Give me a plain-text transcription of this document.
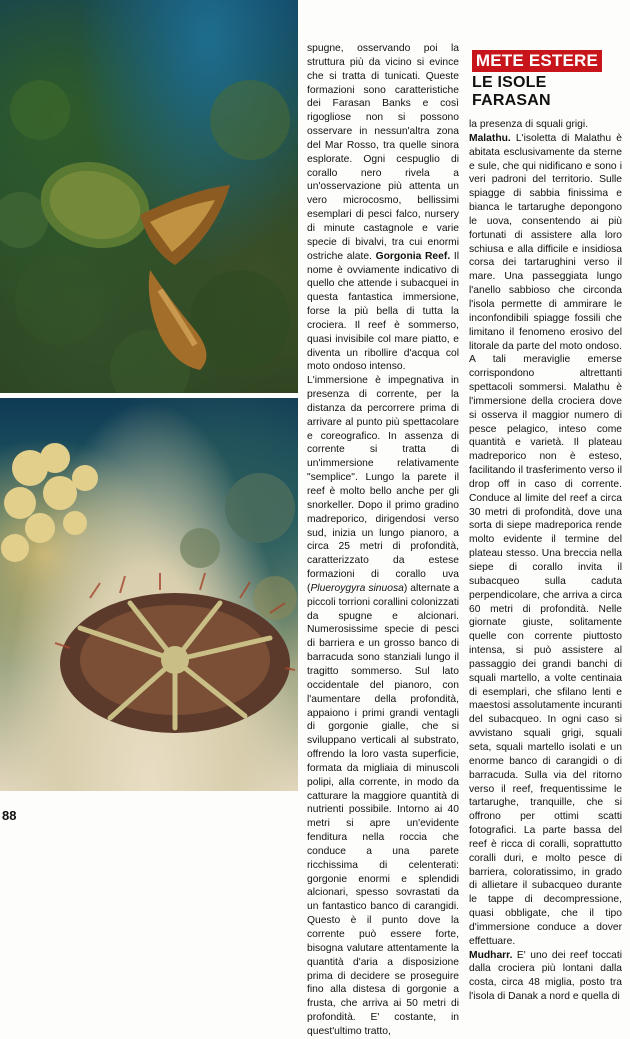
METE ESTERE
LE ISOLE FARASAN

spugne, osservando poi la struttura più da vicino si evince che si tratta di tunicati. Queste formazioni sono caratteristiche dei Farasan Banks e così rigogliose non si possono osservare in nessun'altra zona del Mar Rosso, tra quelle sinora esplorate. Ogni cespuglio di corallo nero rivela a un'osservazione più attenta un vero microcosmo, bellissimi esemplari di pesci falco, nursery di minute castagnole e varie specie di bivalvi, tra cui enormi ostriche alate. Gorgonia Reef. Il nome è ovviamente indicativo di quello che attende i subacquei in questa fantastica immersione, forse la più bella di tutta la crociera. Il reef è sommerso, quasi invisibile col mare piatto, e diventa un ribollire d'acqua col moto ondoso intenso.

L'immersione è impegnativa in presenza di corrente, per la distanza da percorrere prima di arrivare al punto più spettacolare e coreografico. In assenza di corrente si tratta di un'immersione relativamente "semplice". Lungo la parete il reef è molto bello anche per gli snorkeller. Dopo il primo gradino madreporico, dirigendosi verso sud, inizia un lungo pianoro, a circa 25 metri di profondità, caratterizzato da estese formazioni di corallo uva (Plueroygyra sinuosa) alternate a piccoli torrioni corallini colonizzati da spugne e alcionari. Numerosissime specie di pesci di barriera e un grosso banco di barracuda sono stanziali lungo il tragitto sommerso. Sul lato occidentale del pianoro, con l'aumentare della profondità, appaiono i primi grandi ventagli di gorgonie gialle, che si sviluppano verticali al substrato, offrendo la loro vasta superficie, formata da migliaia di minuscoli polipi, alla corrente, in modo da catturare la maggiore quantità di nutrienti possibile. Intorno ai 40 metri si apre un'evidente fenditura nella roccia che conduce a una parete ricchissima di celenterati: gorgonie enormi e splendidi alcionari, spesso sovrastati da un fantastico banco di carangidi. Questo è il punto dove la corrente può essere forte, bisogna valutare attentamente la quantità d'aria a disposizione prima di decidere se proseguire fino alla distesa di gorgonie a frusta, che arriva ai 50 metri di profondità. E' costante, in quest'ultimo tratto,

la presenza di squali grigi.

Malathu. L'isoletta di Malathu è abitata esclusivamente da sterne e sule, che qui nidificano e sono i veri padroni del territorio. Sulle spiagge di sabbia finissima e bianca le tartarughe depongono le uova, consentendo ai più fortunati di assistere alla loro schiusa e alla difficile e insidiosa corsa dei tartarughini verso il mare. Una passeggiata lungo l'anello sabbioso che circonda l'isola permette di ammirare le inconfondibili spiagge fossili che limitano il fenomeno erosivo del litorale da parte del moto ondoso. A tali meraviglie emerse corrispondono altrettanti spettacoli sommersi. Malathu è l'immersione della crociera dove si osserva il maggior numero di pesce pelagico, inteso come quantità e varietà. Il plateau madreporico non è esteso, facilitando il trasferimento verso il drop off in caso di corrente. Conduce al limite del reef a circa 30 metri di profondità, dove una sorta di siepe madreporica rende molto evidente il termine del plateau stesso. Una breccia nella siepe di corallo invita il subacqueo sulla caduta perpendicolare, che arriva a circa 60 metri di profondità. Nelle giornate giuste, solitamente quelle con corrente piuttosto intensa, si può assistere al passaggio dei grandi banchi di squali martello, a volte centinaia di esemplari, che sfilano lenti e maestosi assolutamente incuranti del subacqueo. In ogni caso si avvistano squali grigi, squali seta, squali martello isolati e un enorme banco di carangidi o di barracuda. Sulla via del ritorno verso il reef, frequentissime le tartarughe, tranquille, che si offrono per ottimi scatti fotografici. La parte bassa del reef è ricca di coralli, soprattutto coralli duri, e molto pesce di barriera, coloratissimo, in grado di allietare il subacqueo durante le tappe di decompressione, quasi obbligate, che il tipo d'immersione conduce a dover effettuare.

Mudharr. E' uno dei reef toccati dalla crociera più lontani dalla costa, circa 48 miglia, posto tra l'isola di Danak a nord e quella di

88
